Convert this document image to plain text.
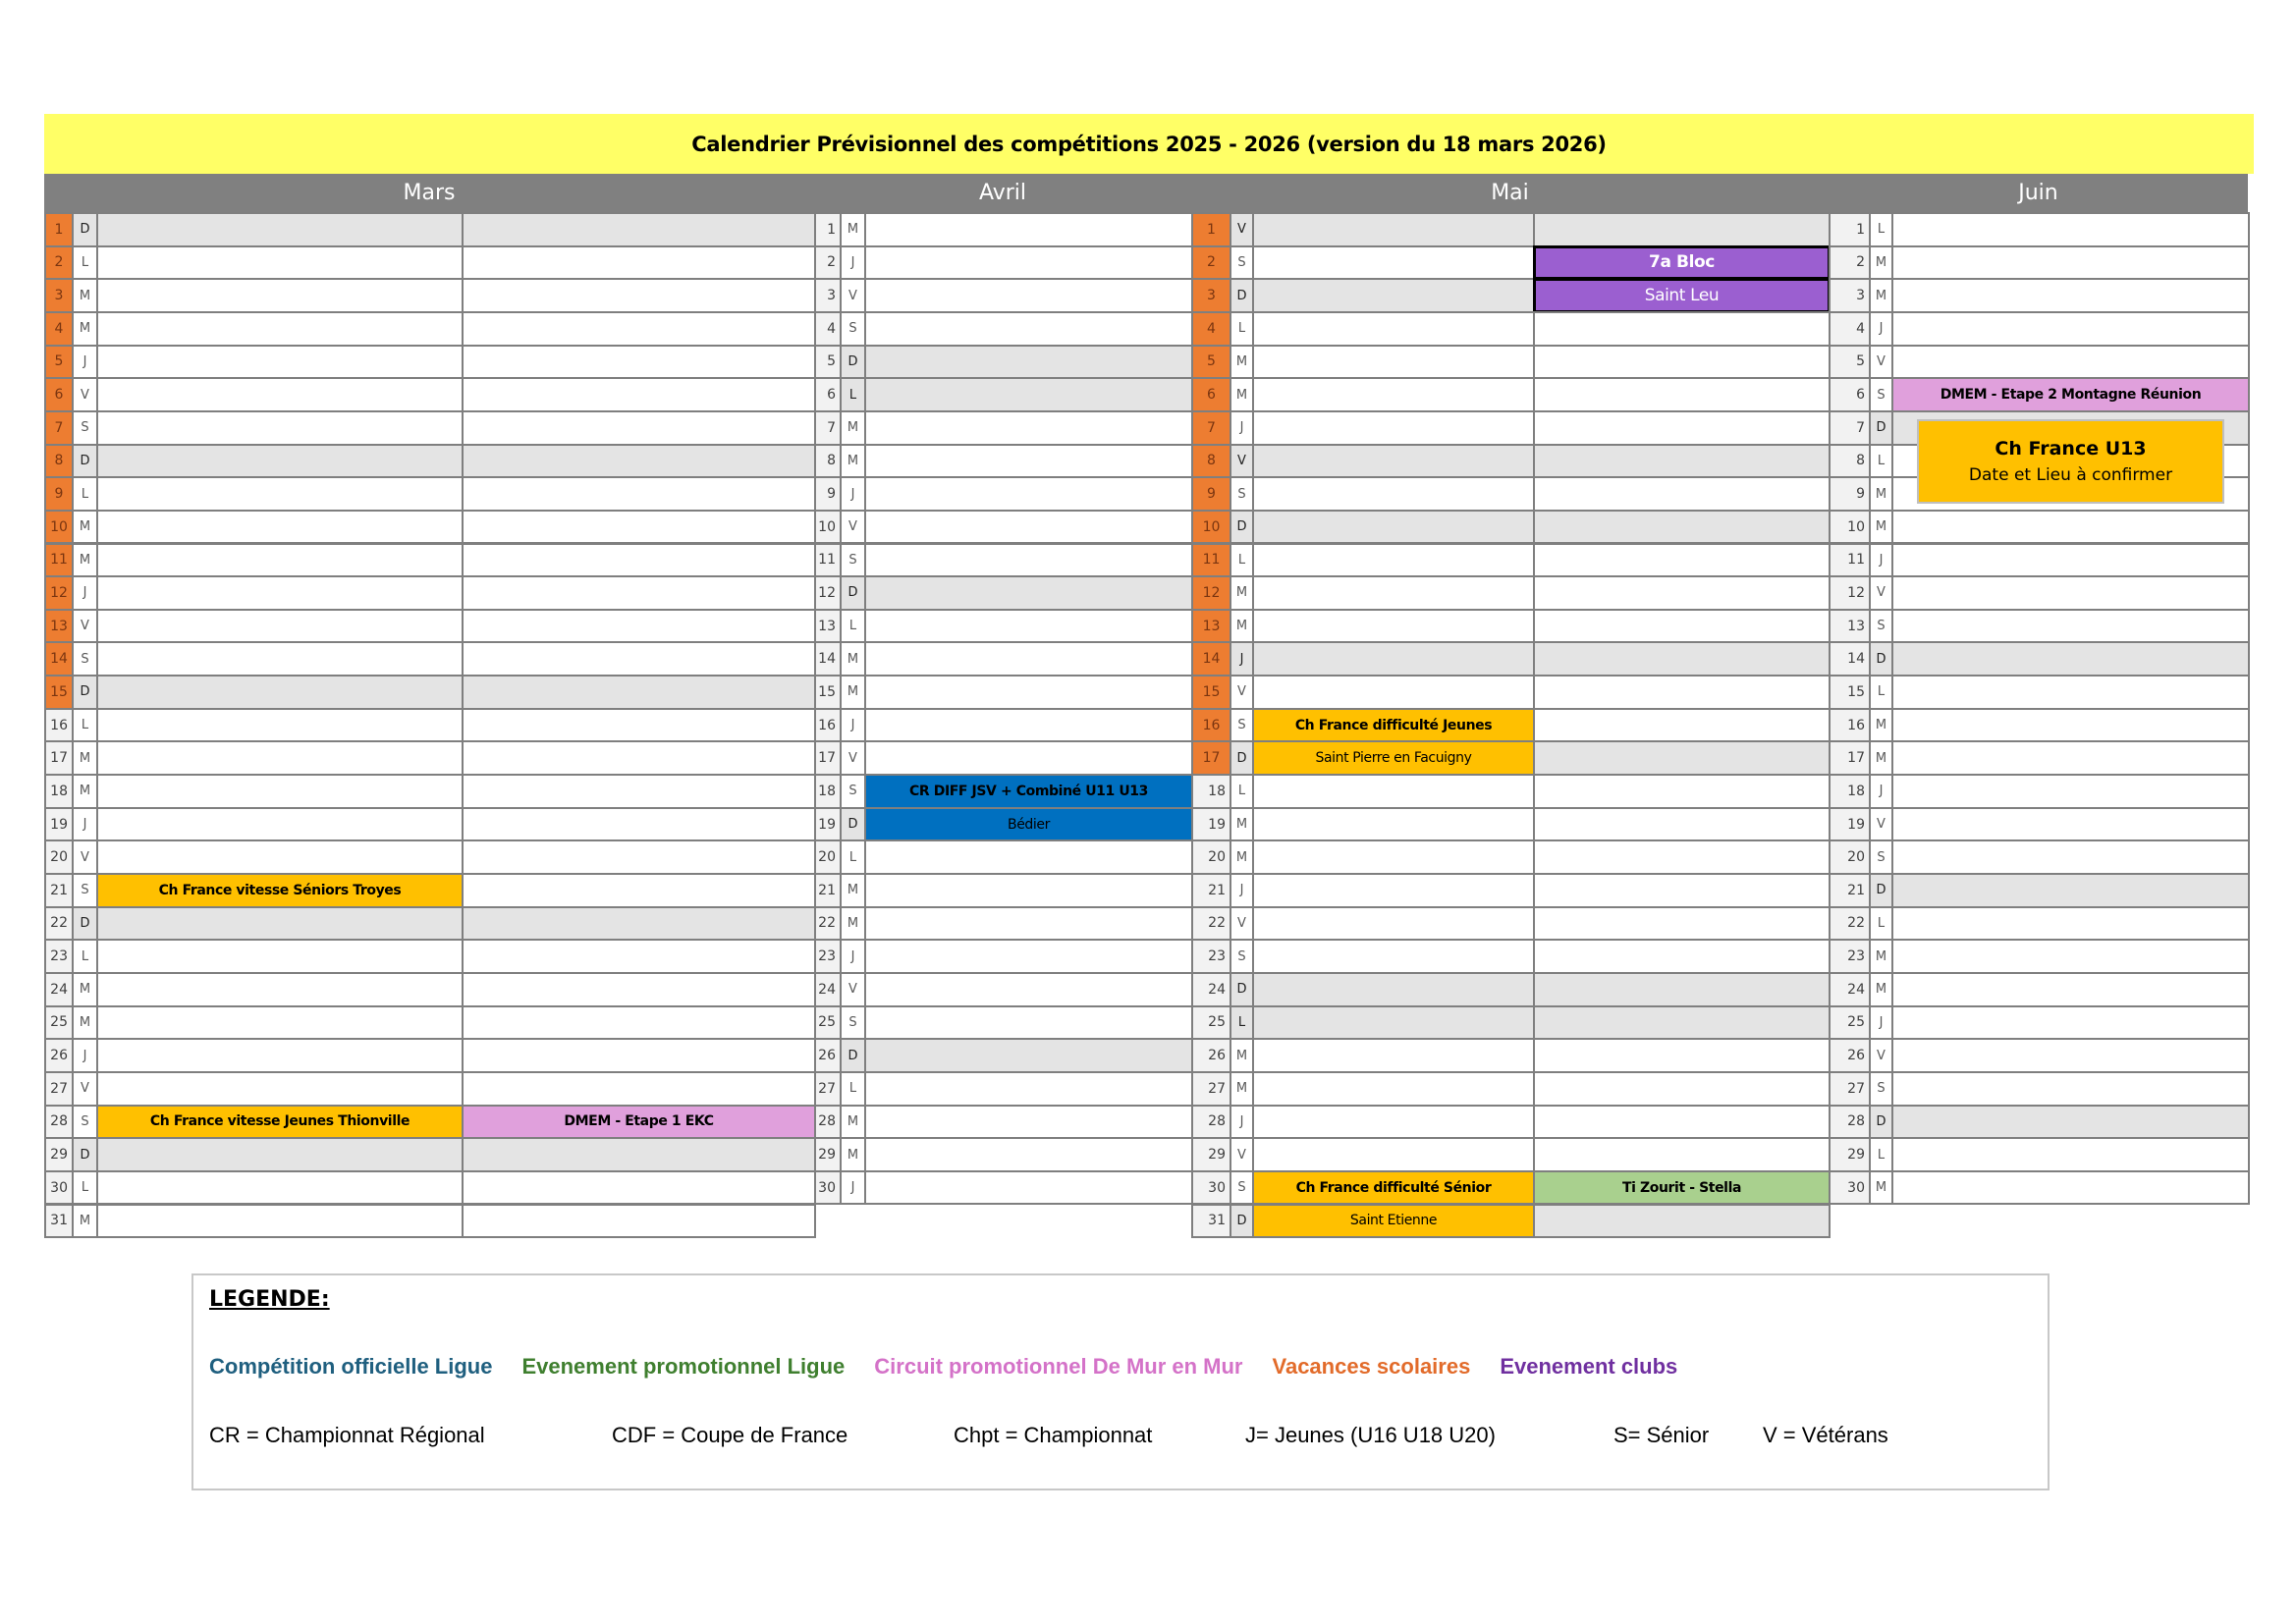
Calendrier Prévisionnel des compétitions 2025 - 2026 (version du 18 mars 2026)
Mars
1	D
2	L
3	M
4	M
5	J
6	V
7	S
8	D
9	L
10 M
11 M
12	J
13	V
14	S
15 D
16	L
17 M
18 M
19	J
20	V
21	S	Ch France vitesse Séniors Troyes
22 D
23	L
24 M
25 M
26	J
27	V
28	S	Ch France vitesse Jeunes Thionville	DMEM - Etape 1 EKC
29 D
30	L
31 M
Avril
1 M
2	J
3	V
4	S
5 D
6	L
7 M
8 M
9	J
10	V
11	S
12 D
13	L
14 M
15 M
16	J
17	V
18	S	CR DIFF JSV + Combiné U11 U13
19 D	Bédier
20	L
21 M
22 M
23	J
24	V
25	S
26 D
27	L
28 M
29 M
30	J
Mai
1	V
2	S	7a Bloc
3	D	Saint Leu
4	L
5	M
6	M
7	J
8	V
9	S
10	D
11	L
12	M
13	M
14	J
15	V
16	S	Ch France difficulté Jeunes
17	D	Saint Pierre en Facuigny
18 L
19 M
20 M
21	J
22 V
23 S
24 D
25 L
26 M
27 M
28	J
29 V
30 S	Ch France difficulté Sénior	Ti Zourit - Stella
31 D	Saint Etienne
Juin
1 L
2 M
3 M
4	J
5 V
6 S	DMEM - Etape 2 Montagne Réunion
7 D
8 L
9 M
10 M
11	J
12 V
13 S
14 D
15 L
16 M
17 M
18	J
19 V
20 S
21 D
22 L
23 M
24 M
25	J
26 V
27 S
28 D
29 L
30 M
Ch France U13
Date et Lieu à confirmer
LEGENDE:
Compétition officielle Ligue Evenement promotionnel Ligue Circuit promotionnel De Mur en Mur Vacances scolaires Evenement clubs
CR = Championnat Régional	CDF = Coupe de France	Chpt = Championnat	J= Jeunes (U16 U18 U20)	S= Sénior V = Vétérans
